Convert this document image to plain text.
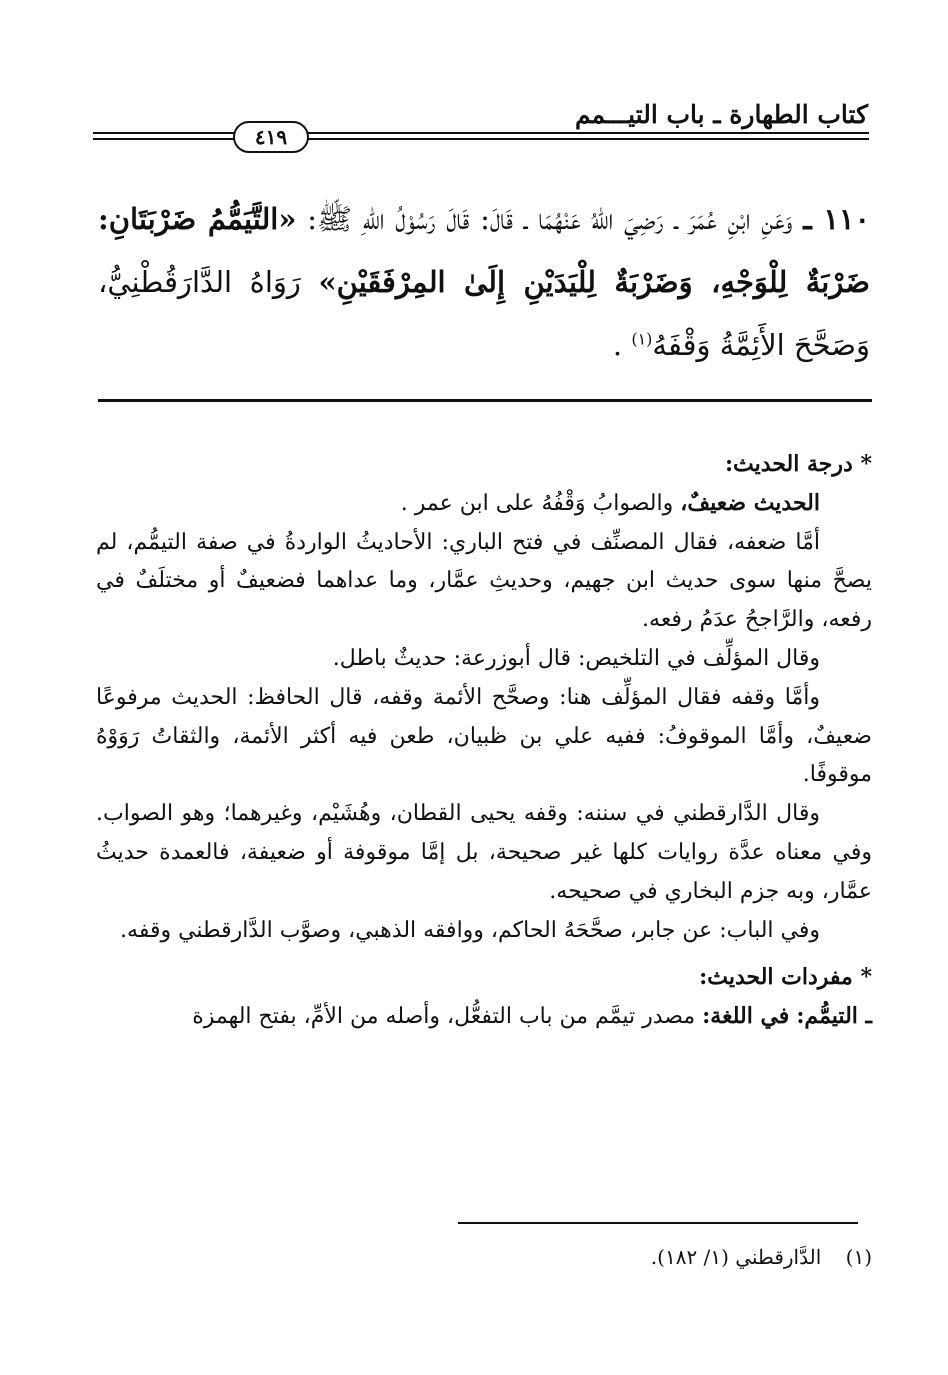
كتاب الطهارة ـ باب التيـــمم
٤١٩
١١٠ ـ وَعَنِ ابْنِ عُمَرَ ـ رَضِيَ اللهُ عَنْهُمَا ـ قَالَ: قَالَ رَسُوْلُ اللهِ ﷺ: «التَّيَمُّمُ ضَرْبَتَانِ: ضَرْبَةٌ لِلْوَجْهِ، وَضَرْبَةٌ لِلْيَدَيْنِ إِلَىٰ المِرْفَقَيْنِ» رَوَاهُ الدَّارَقُطْنِيُّ، وَصَحَّحَ الأَئِمَّةُ وَقْفَهُ$^{(١)}$ .
* درجة الحديث:

الحديث ضعيفٌ، والصوابُ وَقْفُهُ على ابن عمر .

أمَّا ضعفه، فقال المصنِّف في فتح الباري: الأحاديثُ الواردةُ في صفة التيمُّم، لم يصحَّ منها سوى حديث ابن جهيم، وحديثِ عمَّار، وما عداهما فضعيفٌ أو مختلَفٌ في رفعه، والرَّاجحُ عدَمُ رفعه.

وقال المؤلِّف في التلخيص: قال أبوزرعة: حديثٌ باطل.

وأمَّا وقفه فقال المؤلِّف هنا: وصحَّح الأئمة وقفه، قال الحافظ: الحديث مرفوعًا ضعيفٌ، وأمَّا الموقوفُ: ففيه علي بن ظبيان، طعن فيه أكثر الأئمة، والثقاتُ رَوَوْهُ موقوفًا.

وقال الدَّارقطني في سننه: وقفه يحيى القطان، وهُشَيْم، وغيرهما؛ وهو الصواب. وفي معناه عدَّة روايات كلها غير صحيحة، بل إمَّا موقوفة أو ضعيفة، فالعمدة حديثُ عمَّار، وبه جزم البخاري في صحيحه.

وفي الباب: عن جابر، صحَّحَهُ الحاكم، ووافقه الذهبي، وصوَّب الدَّارقطني وقفه.

* مفردات الحديث:

ـ التيمُّم: في اللغة: مصدر تيمَّم من باب التفعُّل، وأصله من الأمِّ، بفتح الهمزة

(١) الدَّارقطني (١/ ١٨٢).
